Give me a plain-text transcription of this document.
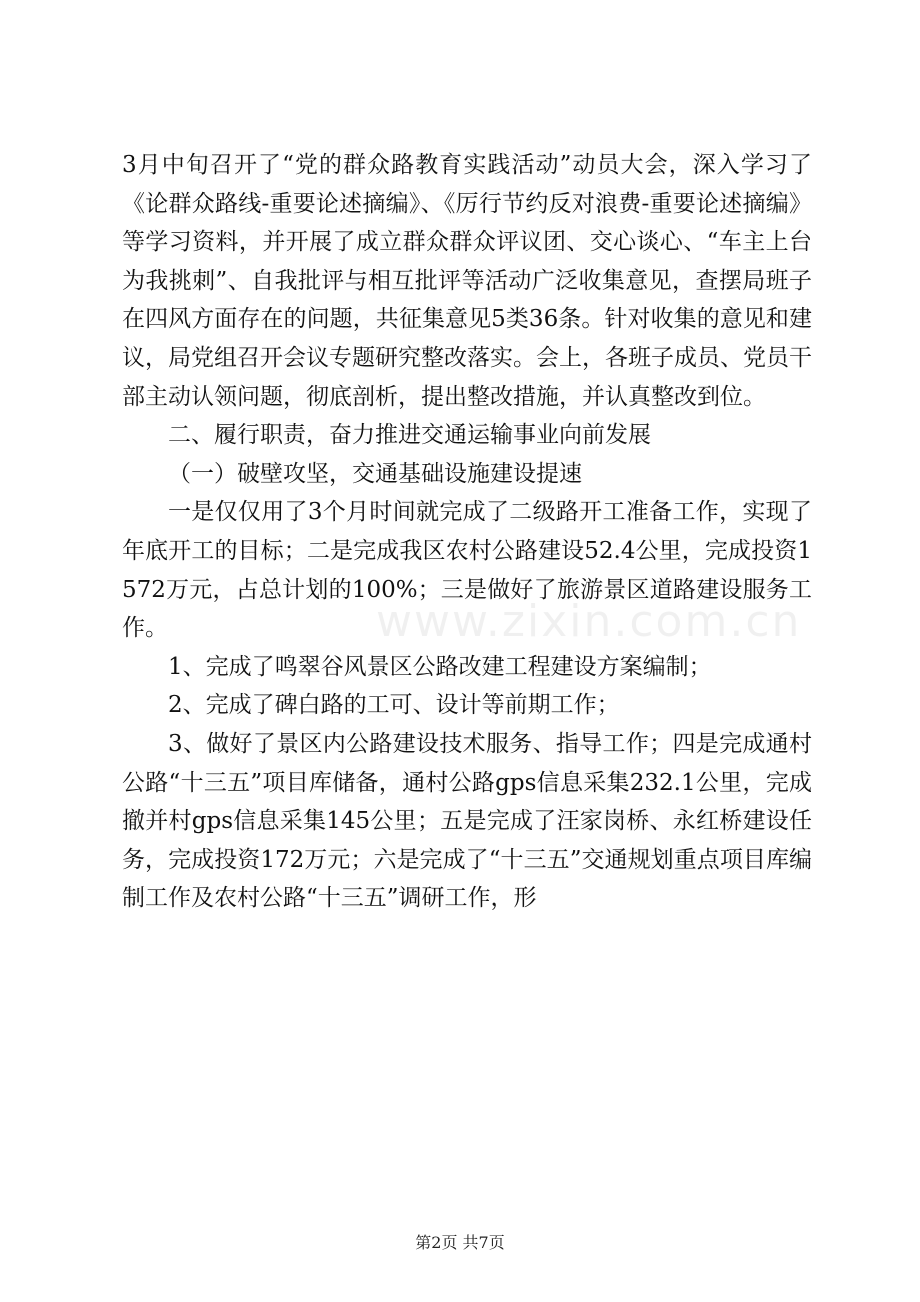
3月中旬召开了“党的群众路教育实践活动”动员大会，深入学习了《论群众路线-重要论述摘编》、《厉行节约反对浪费-重要论述摘编》等学习资料，并开展了成立群众群众评议团、交心谈心、“车主上台为我挑刺”、自我批评与相互批评等活动广泛收集意见，查摆局班子在四风方面存在的问题，共征集意见5类36条。针对收集的意见和建议，局党组召开会议专题研究整改落实。会上，各班子成员、党员干部主动认领问题，彻底剖析，提出整改措施，并认真整改到位。

二、履行职责，奋力推进交通运输事业向前发展

（一）破壁攻坚，交通基础设施建设提速

一是仅仅用了3个月时间就完成了二级路开工准备工作，实现了年底开工的目标；二是完成我区农村公路建设52.4公里，完成投资1572万元，占总计划的100%；三是做好了旅游景区道路建设服务工作。

1、完成了鸣翠谷风景区公路改建工程建设方案编制；

2、完成了碑白路的工可、设计等前期工作；

3、做好了景区内公路建设技术服务、指导工作；四是完成通村公路“十三五”项目库储备，通村公路gps信息采集232.1公里，完成撤并村gps信息采集145公里；五是完成了汪家岗桥、永红桥建设任务，完成投资172万元；六是完成了“十三五”交通规划重点项目库编制工作及农村公路“十三五”调研工作，形

www.zixin.com.cn
第2页 共7页
